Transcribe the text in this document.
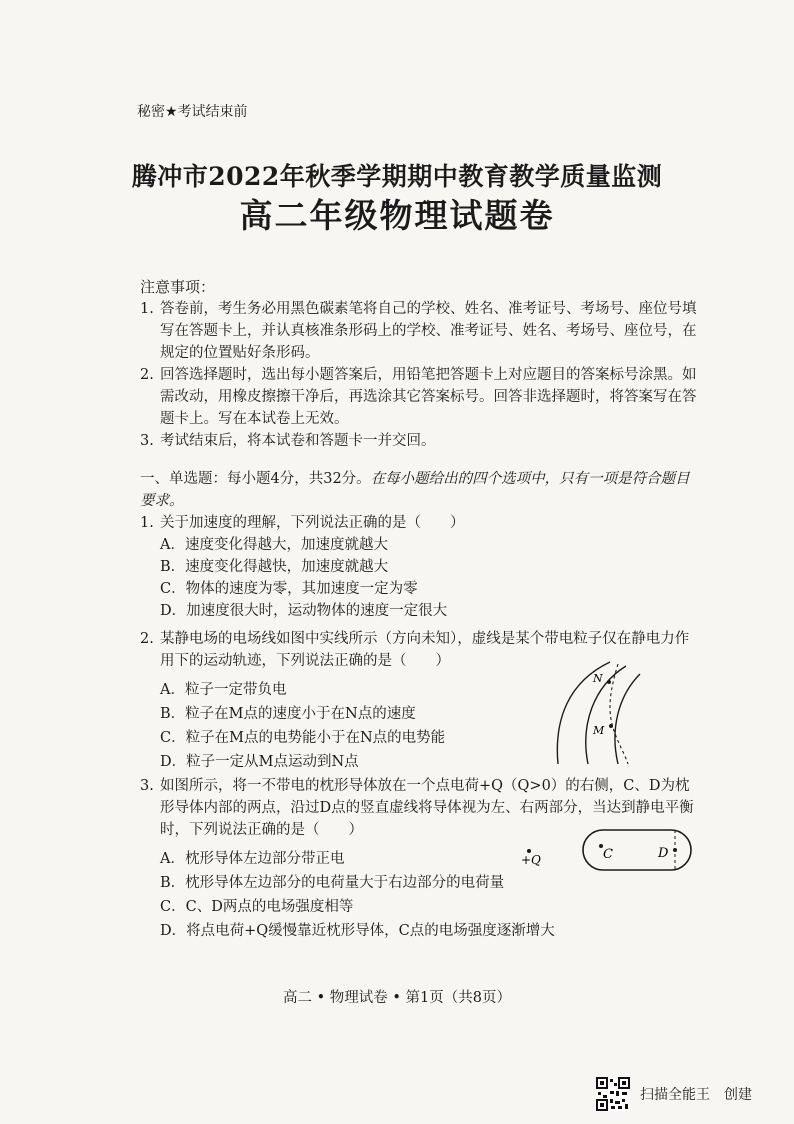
秘密★考试结束前
腾冲市2022年秋季学期期中教育教学质量监测
高二年级物理试题卷
注意事项：
1. 答卷前，考生务必用黑色碳素笔将自己的学校、姓名、准考证号、考场号、座位号填写在答题卡上，并认真核准条形码上的学校、准考证号、姓名、考场号、座位号，在规定的位置贴好条形码。
2. 回答选择题时，选出每小题答案后，用铅笔把答题卡上对应题目的答案标号涂黑。如需改动，用橡皮擦擦干净后，再选涂其它答案标号。回答非选择题时，将答案写在答题卡上。写在本试卷上无效。
3. 考试结束后，将本试卷和答题卡一并交回。
一、单选题：每小题4分，共32分。在每小题给出的四个选项中，只有一项是符合题目要求。
1. 关于加速度的理解，下列说法正确的是（　　）
A．速度变化得越大，加速度就越大
B．速度变化得越快，加速度就越大
C．物体的速度为零，其加速度一定为零
D．加速度很大时，运动物体的速度一定很大
2. 某静电场的电场线如图中实线所示（方向未知），虚线是某个带电粒子仅在静电力作用下的运动轨迹，下列说法正确的是（　　）
A．粒子一定带负电
B．粒子在M点的速度小于在N点的速度
C．粒子在M点的电势能小于在N点的电势能
D．粒子一定从M点运动到N点
N
M
3. 如图所示，将一不带电的枕形导体放在一个点电荷+Q（Q>0）的右侧，C、D为枕形导体内部的两点，沿过D点的竖直虚线将导体视为左、右两部分，当达到静电平衡时，下列说法正确的是（　　）
A．枕形导体左边部分带正电
B．枕形导体左边部分的电荷量大于右边部分的电荷量
C．C、D两点的电场强度相等
D．将点电荷+Q缓慢靠近枕形导体，C点的电场强度逐渐增大
+Q	C	D
高二 • 物理试卷 • 第1页（共8页）
扫描全能王　创建
